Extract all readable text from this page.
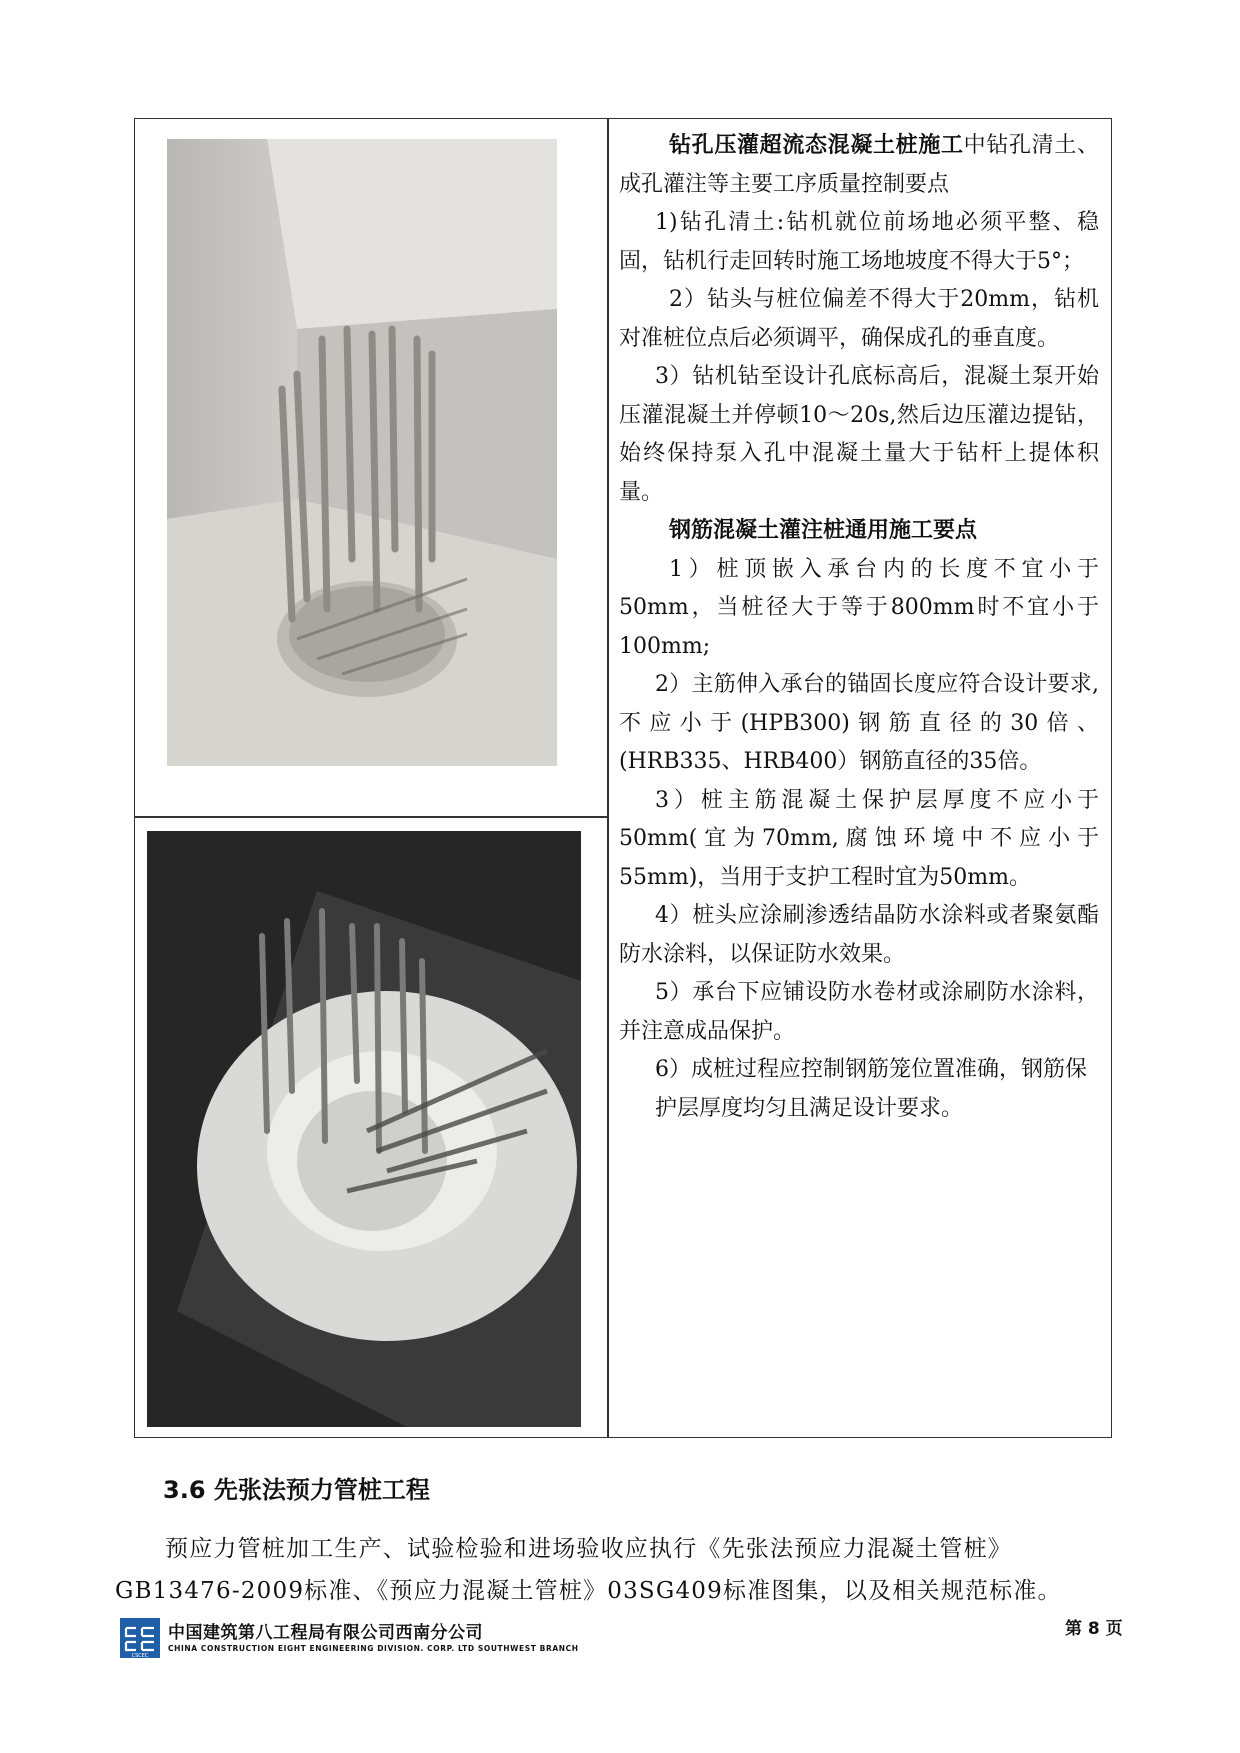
钻孔压灌超流态混凝土桩施工中钻孔清土、成孔灌注等主要工序质量控制要点

1)钻孔清土:钻机就位前场地必须平整、稳固，钻机行走回转时施工场地坡度不得大于5°；

2）钻头与桩位偏差不得大于20mm，钻机对准桩位点后必须调平，确保成孔的垂直度。

3）钻机钻至设计孔底标高后，混凝土泵开始压灌混凝土并停顿10～20s,然后边压灌边提钻，始终保持泵入孔中混凝土量大于钻杆上提体积量。

钢筋混凝土灌注桩通用施工要点

1）桩顶嵌入承台内的长度不宜小于50mm，当桩径大于等于800mm时不宜小于100mm;

2）主筋伸入承台的锚固长度应符合设计要求,不应小于(HPB300)钢筋直径的30倍、(HRB335、HRB400）钢筋直径的35倍。

3）桩主筋混凝土保护层厚度不应小于50mm(宜为70mm,腐蚀环境中不应小于55mm)，当用于支护工程时宜为50mm。

4）桩头应涂刷渗透结晶防水涂料或者聚氨酯防水涂料，以保证防水效果。

5）承台下应铺设防水卷材或涂刷防水涂料，并注意成品保护。

6）成桩过程应控制钢筋笼位置准确，钢筋保

护层厚度均匀且满足设计要求。

3.6 先张法预力管桩工程

预应力管桩加工生产、试验检验和进场验收应执行《先张法预应力混凝土管桩》GB13476-2009标准、《预应力混凝土管桩》03SG409标准图集，以及相关规范标准。

CSCEC
中国建筑第八工程局有限公司西南分公司
CHINA CONSTRUCTION EIGHT ENGINEERING DIVISION. CORP. LTD SOUTHWEST BRANCH
第 8 页
